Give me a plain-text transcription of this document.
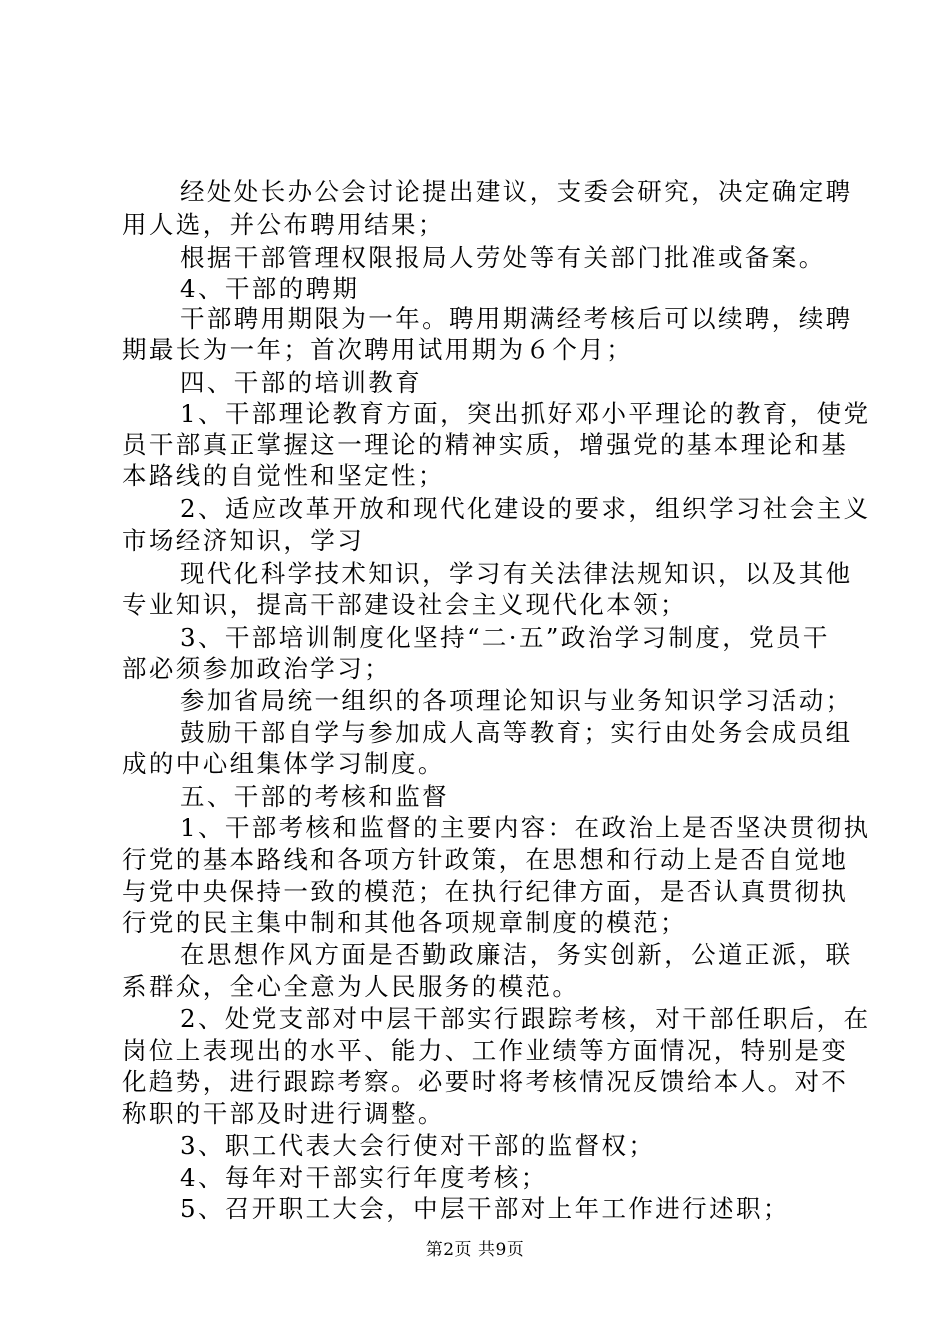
经处处长办公会讨论提出建议，支委会研究，决定确定聘
用人选，并公布聘用结果；
根据干部管理权限报局人劳处等有关部门批准或备案。
4、干部的聘期
干部聘用期限为一年。聘用期满经考核后可以续聘，续聘
期最长为一年；首次聘用试用期为６个月；
四、干部的培训教育
1、干部理论教育方面，突出抓好邓小平理论的教育，使党
员干部真正掌握这一理论的精神实质，增强党的基本理论和基
本路线的自觉性和坚定性；
2、适应改革开放和现代化建设的要求，组织学习社会主义
市场经济知识，学习
现代化科学技术知识，学习有关法律法规知识，以及其他
专业知识，提高干部建设社会主义现代化本领；
3、干部培训制度化坚持“二·五”政治学习制度，党员干
部必须参加政治学习；
参加省局统一组织的各项理论知识与业务知识学习活动；
鼓励干部自学与参加成人高等教育；实行由处务会成员组
成的中心组集体学习制度。
五、干部的考核和监督
1、干部考核和监督的主要内容：在政治上是否坚决贯彻执
行党的基本路线和各项方针政策，在思想和行动上是否自觉地
与党中央保持一致的模范；在执行纪律方面，是否认真贯彻执
行党的民主集中制和其他各项规章制度的模范；
在思想作风方面是否勤政廉洁，务实创新，公道正派，联
系群众，全心全意为人民服务的模范。
2、处党支部对中层干部实行跟踪考核，对干部任职后，在
岗位上表现出的水平、能力、工作业绩等方面情况，特别是变
化趋势，进行跟踪考察。必要时将考核情况反馈给本人。对不
称职的干部及时进行调整。
3、职工代表大会行使对干部的监督权；
4、每年对干部实行年度考核；
5、召开职工大会，中层干部对上年工作进行述职；
第2页 共9页
